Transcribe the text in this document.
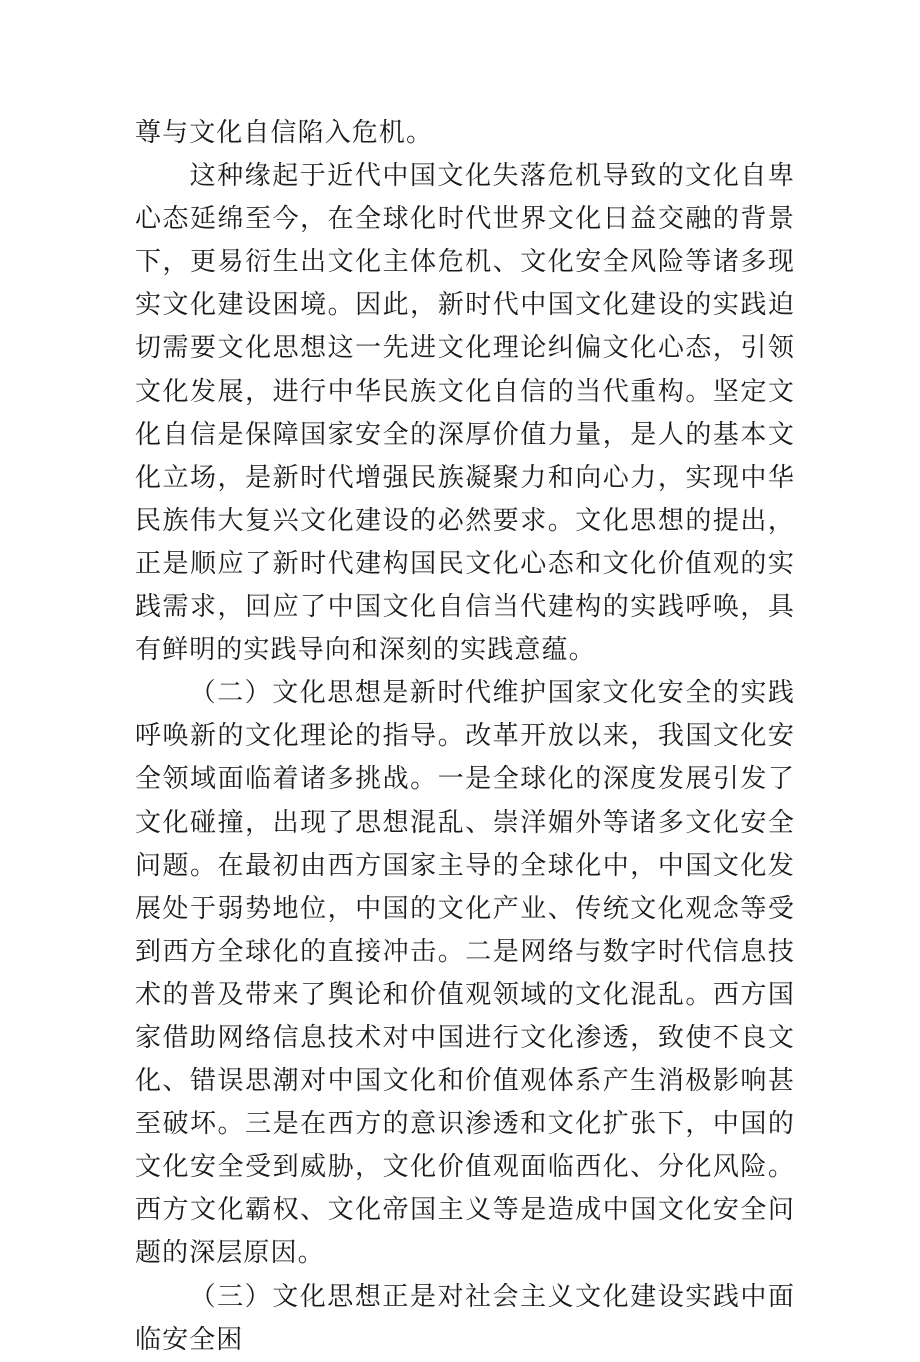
尊与文化自信陷入危机。

这种缘起于近代中国文化失落危机导致的文化自卑心态延绵至今，在全球化时代世界文化日益交融的背景下，更易衍生出文化主体危机、文化安全风险等诸多现实文化建设困境。因此，新时代中国文化建设的实践迫切需要文化思想这一先进文化理论纠偏文化心态，引领文化发展，进行中华民族文化自信的当代重构。坚定文化自信是保障国家安全的深厚价值力量，是人的基本文化立场，是新时代增强民族凝聚力和向心力，实现中华民族伟大复兴文化建设的必然要求。文化思想的提出，正是顺应了新时代建构国民文化心态和文化价值观的实践需求，回应了中国文化自信当代建构的实践呼唤，具有鲜明的实践导向和深刻的实践意蕴。

（二）文化思想是新时代维护国家文化安全的实践呼唤新的文化理论的指导。改革开放以来，我国文化安全领域面临着诸多挑战。一是全球化的深度发展引发了文化碰撞，出现了思想混乱、崇洋媚外等诸多文化安全问题。在最初由西方国家主导的全球化中，中国文化发展处于弱势地位，中国的文化产业、传统文化观念等受到西方全球化的直接冲击。二是网络与数字时代信息技术的普及带来了舆论和价值观领域的文化混乱。西方国家借助网络信息技术对中国进行文化渗透，致使不良文化、错误思潮对中国文化和价值观体系产生消极影响甚至破坏。三是在西方的意识渗透和文化扩张下，中国的文化安全受到威胁，文化价值观面临西化、分化风险。西方文化霸权、文化帝国主义等是造成中国文化安全问题的深层原因。

（三）文化思想正是对社会主义文化建设实践中面临安全困
